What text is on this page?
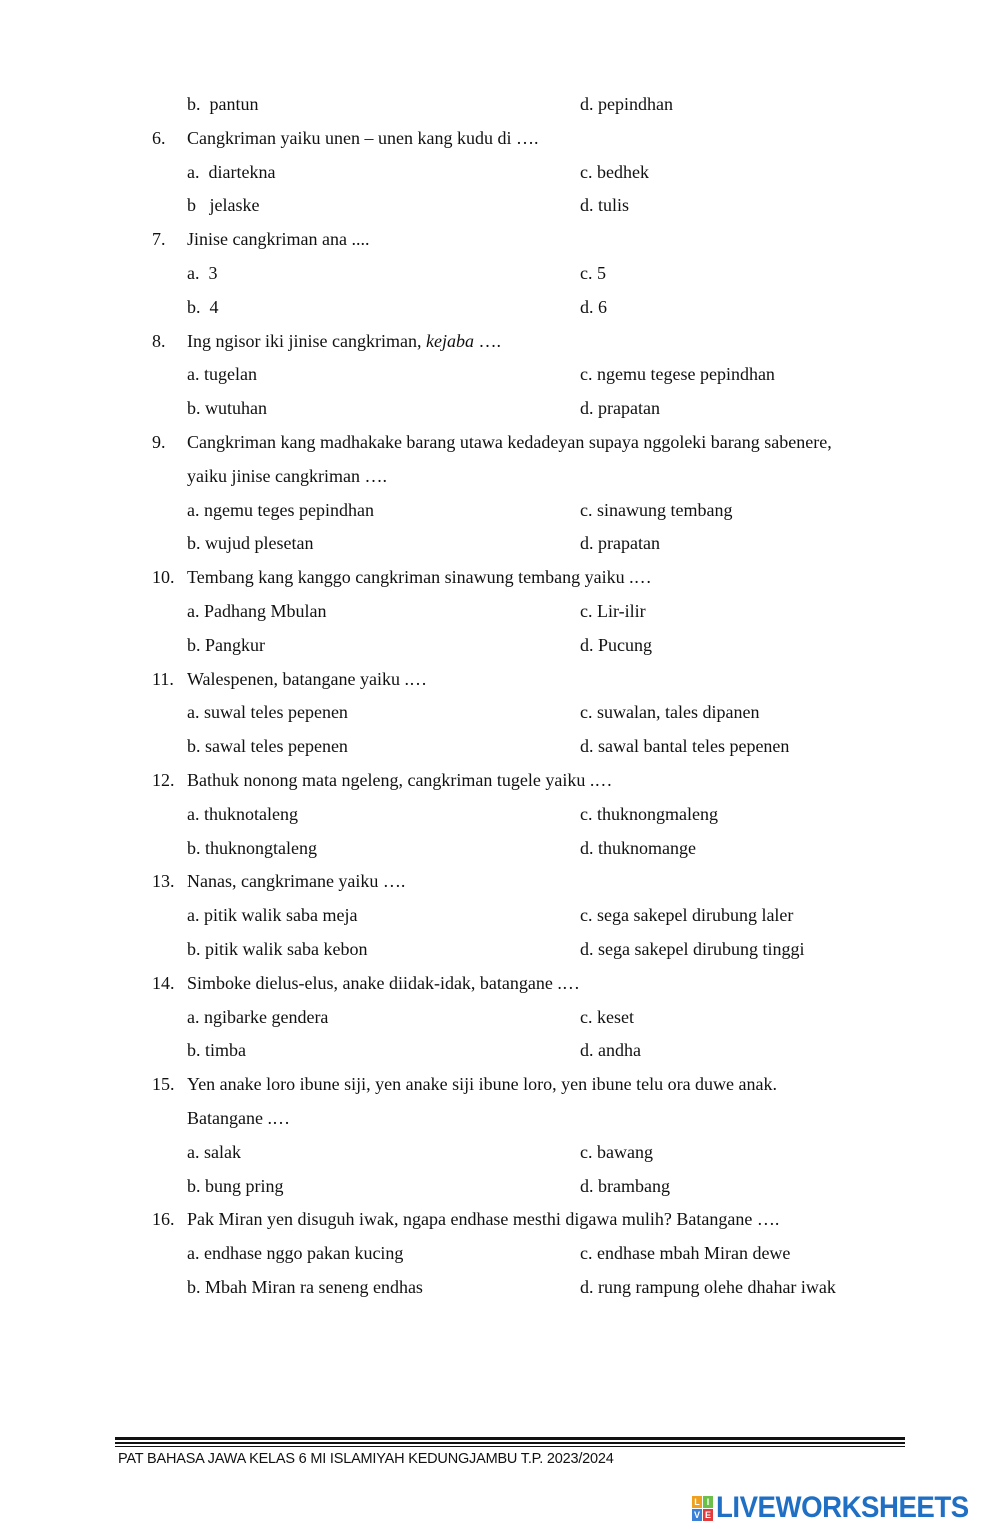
b.  pantun	d. pepindhan
6. Cangkriman yaiku unen – unen kang kudu di ….
a.  diartekna	c. bedhek
b   jelaske	d. tulis
7. Jinise cangkriman ana ....
a.  3	c. 5
b.  4	d. 6
8. Ing ngisor iki jinise cangkriman, kejaba ….
a. tugelan	c. ngemu tegese pepindhan
b. wutuhan	d. prapatan
9. Cangkriman kang madhakake barang utawa kedadeyan supaya nggoleki barang sabenere,
yaiku jinise cangkriman ….
a. ngemu teges pepindhan	c. sinawung tembang
b. wujud plesetan	d. prapatan
10. Tembang kang kanggo cangkriman sinawung tembang yaiku .…
a. Padhang Mbulan	c. Lir-ilir
b. Pangkur	d. Pucung
11. Walespenen, batangane yaiku .…
a. suwal teles pepenen	c. suwalan, tales dipanen
b. sawal teles pepenen	d. sawal bantal teles pepenen
12. Bathuk nonong mata ngeleng, cangkriman tugele yaiku .…
a. thuknotaleng	c. thuknongmaleng
b. thuknongtaleng	d. thuknomange
13. Nanas, cangkrimane yaiku ….
a. pitik walik saba meja	c. sega sakepel dirubung laler
b. pitik walik saba kebon	d. sega sakepel dirubung tinggi
14. Simboke dielus-elus, anake diidak-idak, batangane .…
a. ngibarke gendera	c. keset
b. timba	d. andha
15. Yen anake loro ibune siji, yen anake siji ibune loro, yen ibune telu ora duwe anak.
Batangane .…
a. salak	c. bawang
b. bung pring	d. brambang
16. Pak Miran yen disuguh iwak, ngapa endhase mesthi digawa mulih? Batangane ….
a. endhase nggo pakan kucing	c. endhase mbah Miran dewe
b. Mbah Miran ra seneng endhas	d. rung rampung olehe dhahar iwak
PAT BAHASA JAWA KELAS 6 MI ISLAMIYAH KEDUNGJAMBU T.P. 2023/2024
L I
V E LIVEWORKSHEETS
